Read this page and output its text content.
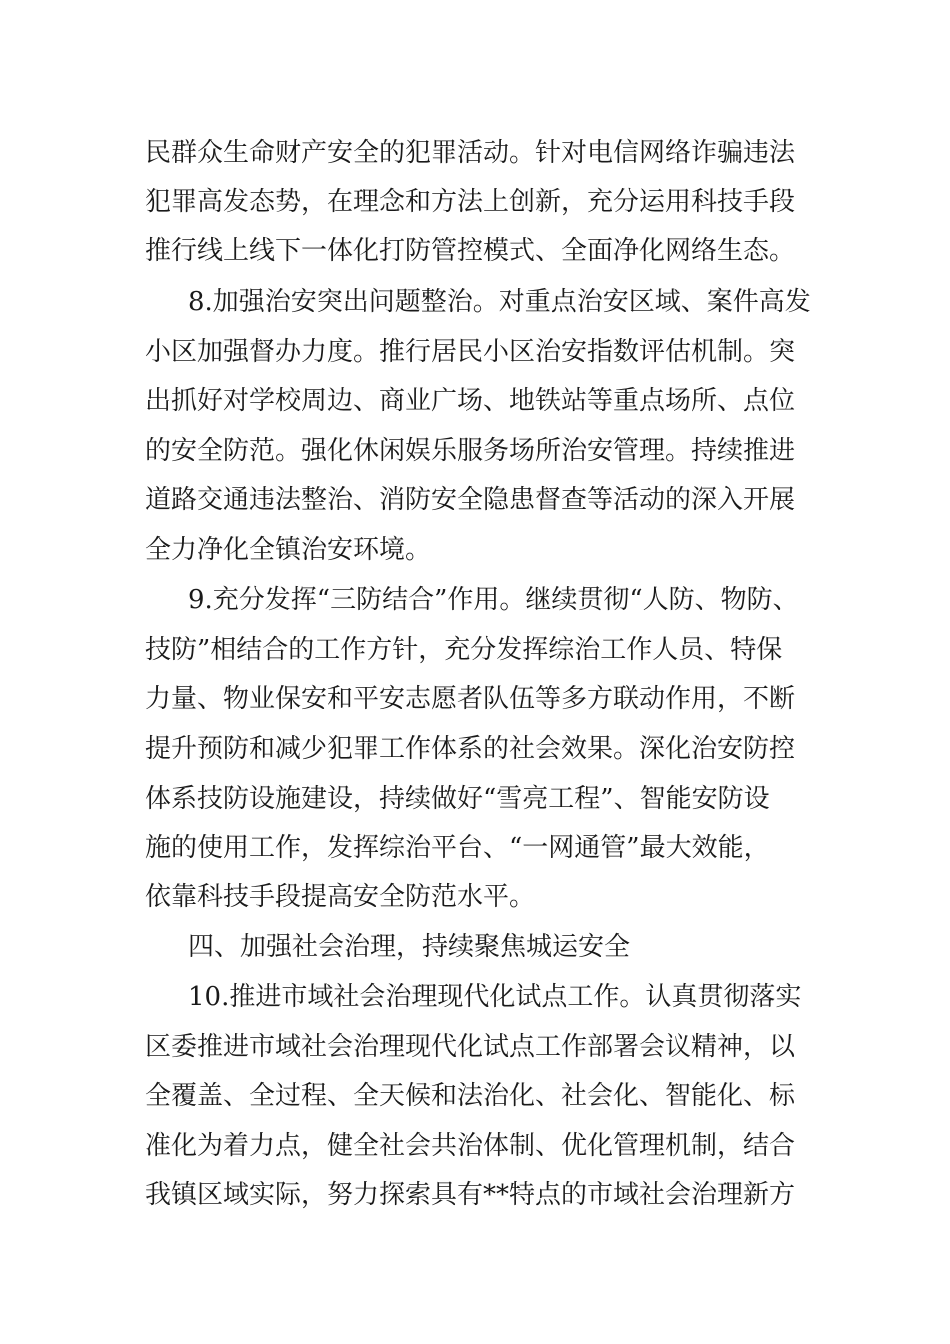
民群众生命财产安全的犯罪活动。针对电信网络诈骗违法
犯罪高发态势，在理念和方法上创新，充分运用科技手段
推行线上线下一体化打防管控模式、全面净化网络生态。
8.加强治安突出问题整治。对重点治安区域、案件高发
小区加强督办力度。推行居民小区治安指数评估机制。突
出抓好对学校周边、商业广场、地铁站等重点场所、点位
的安全防范。强化休闲娱乐服务场所治安管理。持续推进
道路交通违法整治、消防安全隐患督查等活动的深入开展
全力净化全镇治安环境。
9.充分发挥“三防结合”作用。继续贯彻“人防、物防、
技防”相结合的工作方针，充分发挥综治工作人员、特保
力量、物业保安和平安志愿者队伍等多方联动作用，不断
提升预防和减少犯罪工作体系的社会效果。深化治安防控
体系技防设施建设，持续做好“雪亮工程”、智能安防设
施的使用工作，发挥综治平台、“一网通管”最大效能，
依靠科技手段提高安全防范水平。
四、加强社会治理，持续聚焦城运安全
10.推进市域社会治理现代化试点工作。认真贯彻落实
区委推进市域社会治理现代化试点工作部署会议精神，以
全覆盖、全过程、全天候和法治化、社会化、智能化、标
准化为着力点，健全社会共治体制、优化管理机制，结合
我镇区域实际，努力探索具有**特点的市域社会治理新方
